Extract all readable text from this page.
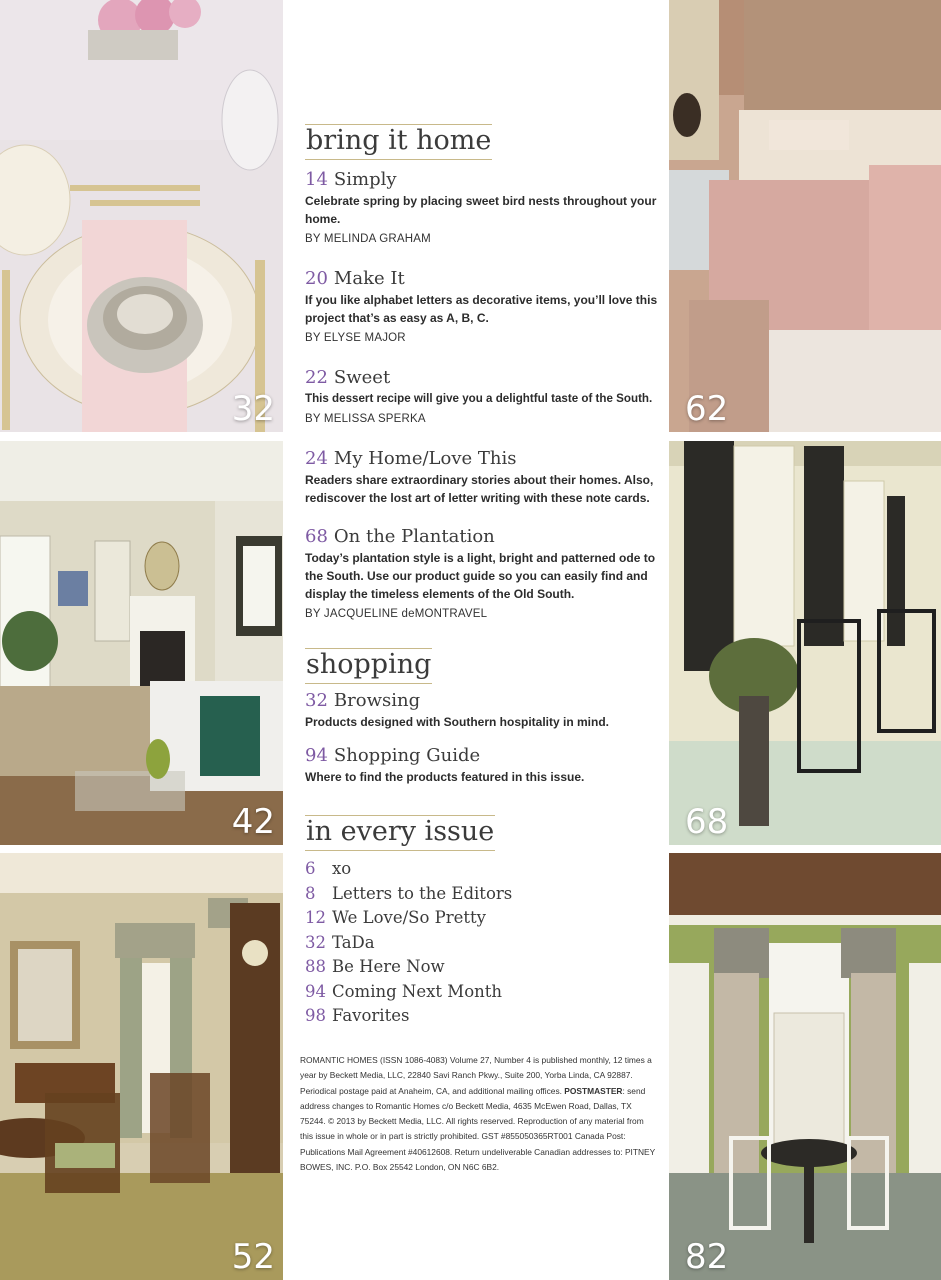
32
42
52
62
68
82
bring it home
14 Simply
Celebrate spring by placing sweet bird nests throughout your home.
BY MELINDA GRAHAM
20 Make It
If you like alphabet letters as decorative items, you’ll love this project that’s as easy as A, B, C.
BY ELYSE MAJOR
22 Sweet
This dessert recipe will give you a delightful taste of the South.
BY MELISSA SPERKA
24 My Home/Love This
Readers share extraordinary stories about their homes. Also, rediscover the lost art of letter writing with these note cards.
68 On the Plantation
Today’s plantation style is a light, bright and patterned ode to the South. Use our product guide so you can easily find and display the timeless elements of the Old South.
BY JACQUELINE deMONTRAVEL
shopping
32 Browsing
Products designed with Southern hospitality in mind.
94 Shopping Guide
Where to find the products featured in this issue.
in every issue
6 xo
8 Letters to the Editors
12 We Love/So Pretty
32 TaDa
88 Be Here Now
94 Coming Next Month
98 Favorites
ROMANTIC HOMES (ISSN 1086-4083) Volume 27, Number 4 is published monthly, 12 times a year by Beckett Media, LLC, 22840 Savi Ranch Pkwy., Suite 200, Yorba Linda, CA 92887. Periodical postage paid at Anaheim, CA, and additional mailing offices. POSTMASTER: send address changes to Romantic Homes c/o Beckett Media, 4635 McEwen Road, Dallas, TX 75244. © 2013 by Beckett Media, LLC. All rights reserved. Reproduction of any material from this issue in whole or in part is strictly prohibited. GST #855050365RT001 Canada Post: Publications Mail Agreement #40612608. Return undeliverable Canadian addresses to: PITNEY BOWES, INC. P.O. Box 25542 London, ON N6C 6B2.
